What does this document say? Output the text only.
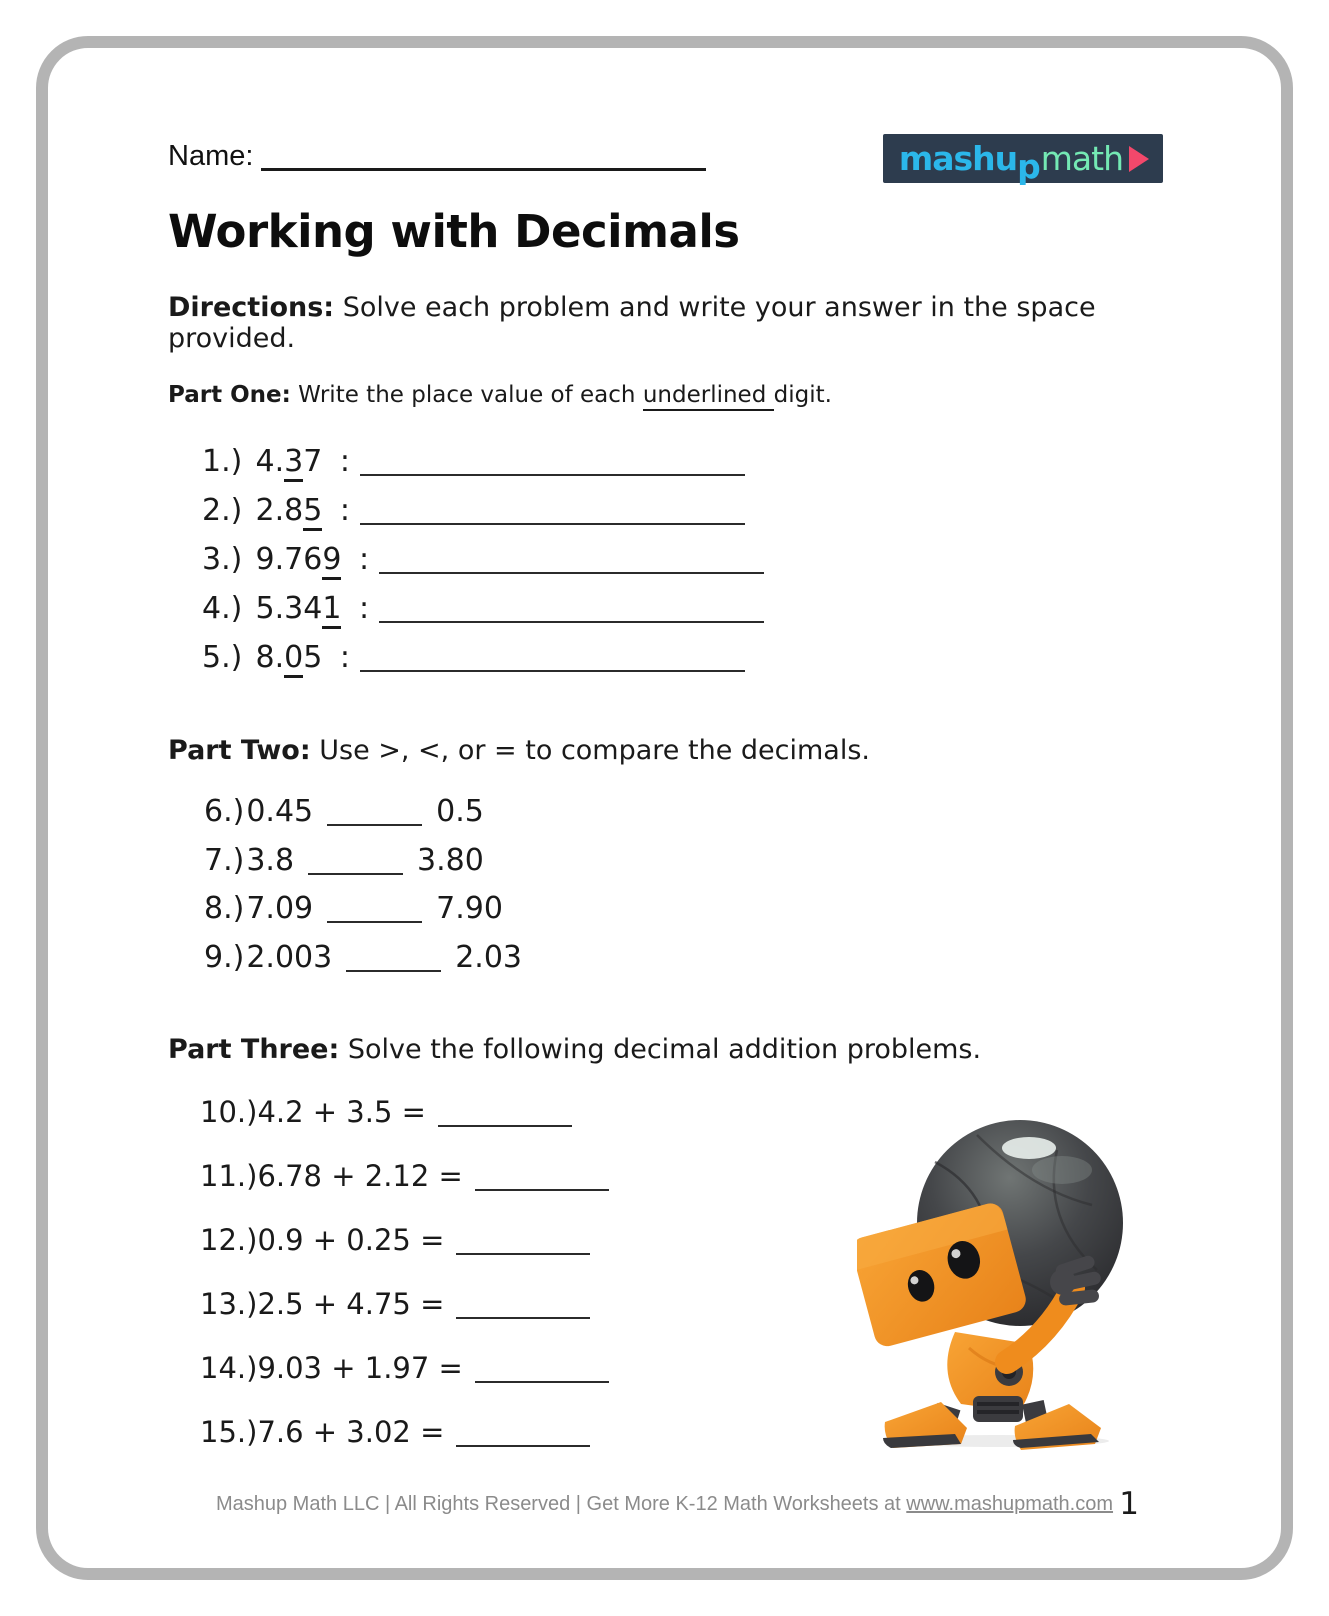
Name:	mashu p math
Working with Decimals
Directions: Solve each problem and write your answer in the space provided.
Part One: Write the place value of each underlined digit.
1.) 4.37 :
2.) 2.85 :
3.) 9.769 :
4.) 5.341 :
5.) 8.05 :
Part Two: Use >, <, or = to compare the decimals.
6.)0.45	0.5
7.)3.8	3.80
8.)7.09	7.90
9.)2.003	2.03
Part Three: Solve the following decimal addition problems.
10.)4.2 + 3.5 =
11.)6.78 + 2.12 =
12.)0.9 + 0.25 =
13.)2.5 + 4.75 =
14.)9.03 + 1.97 =
15.)7.6 + 3.02 =
Mashup Math LLC | All Rights Reserved | Get More K-12 Math Worksheets at www.mashupmath.com 1
